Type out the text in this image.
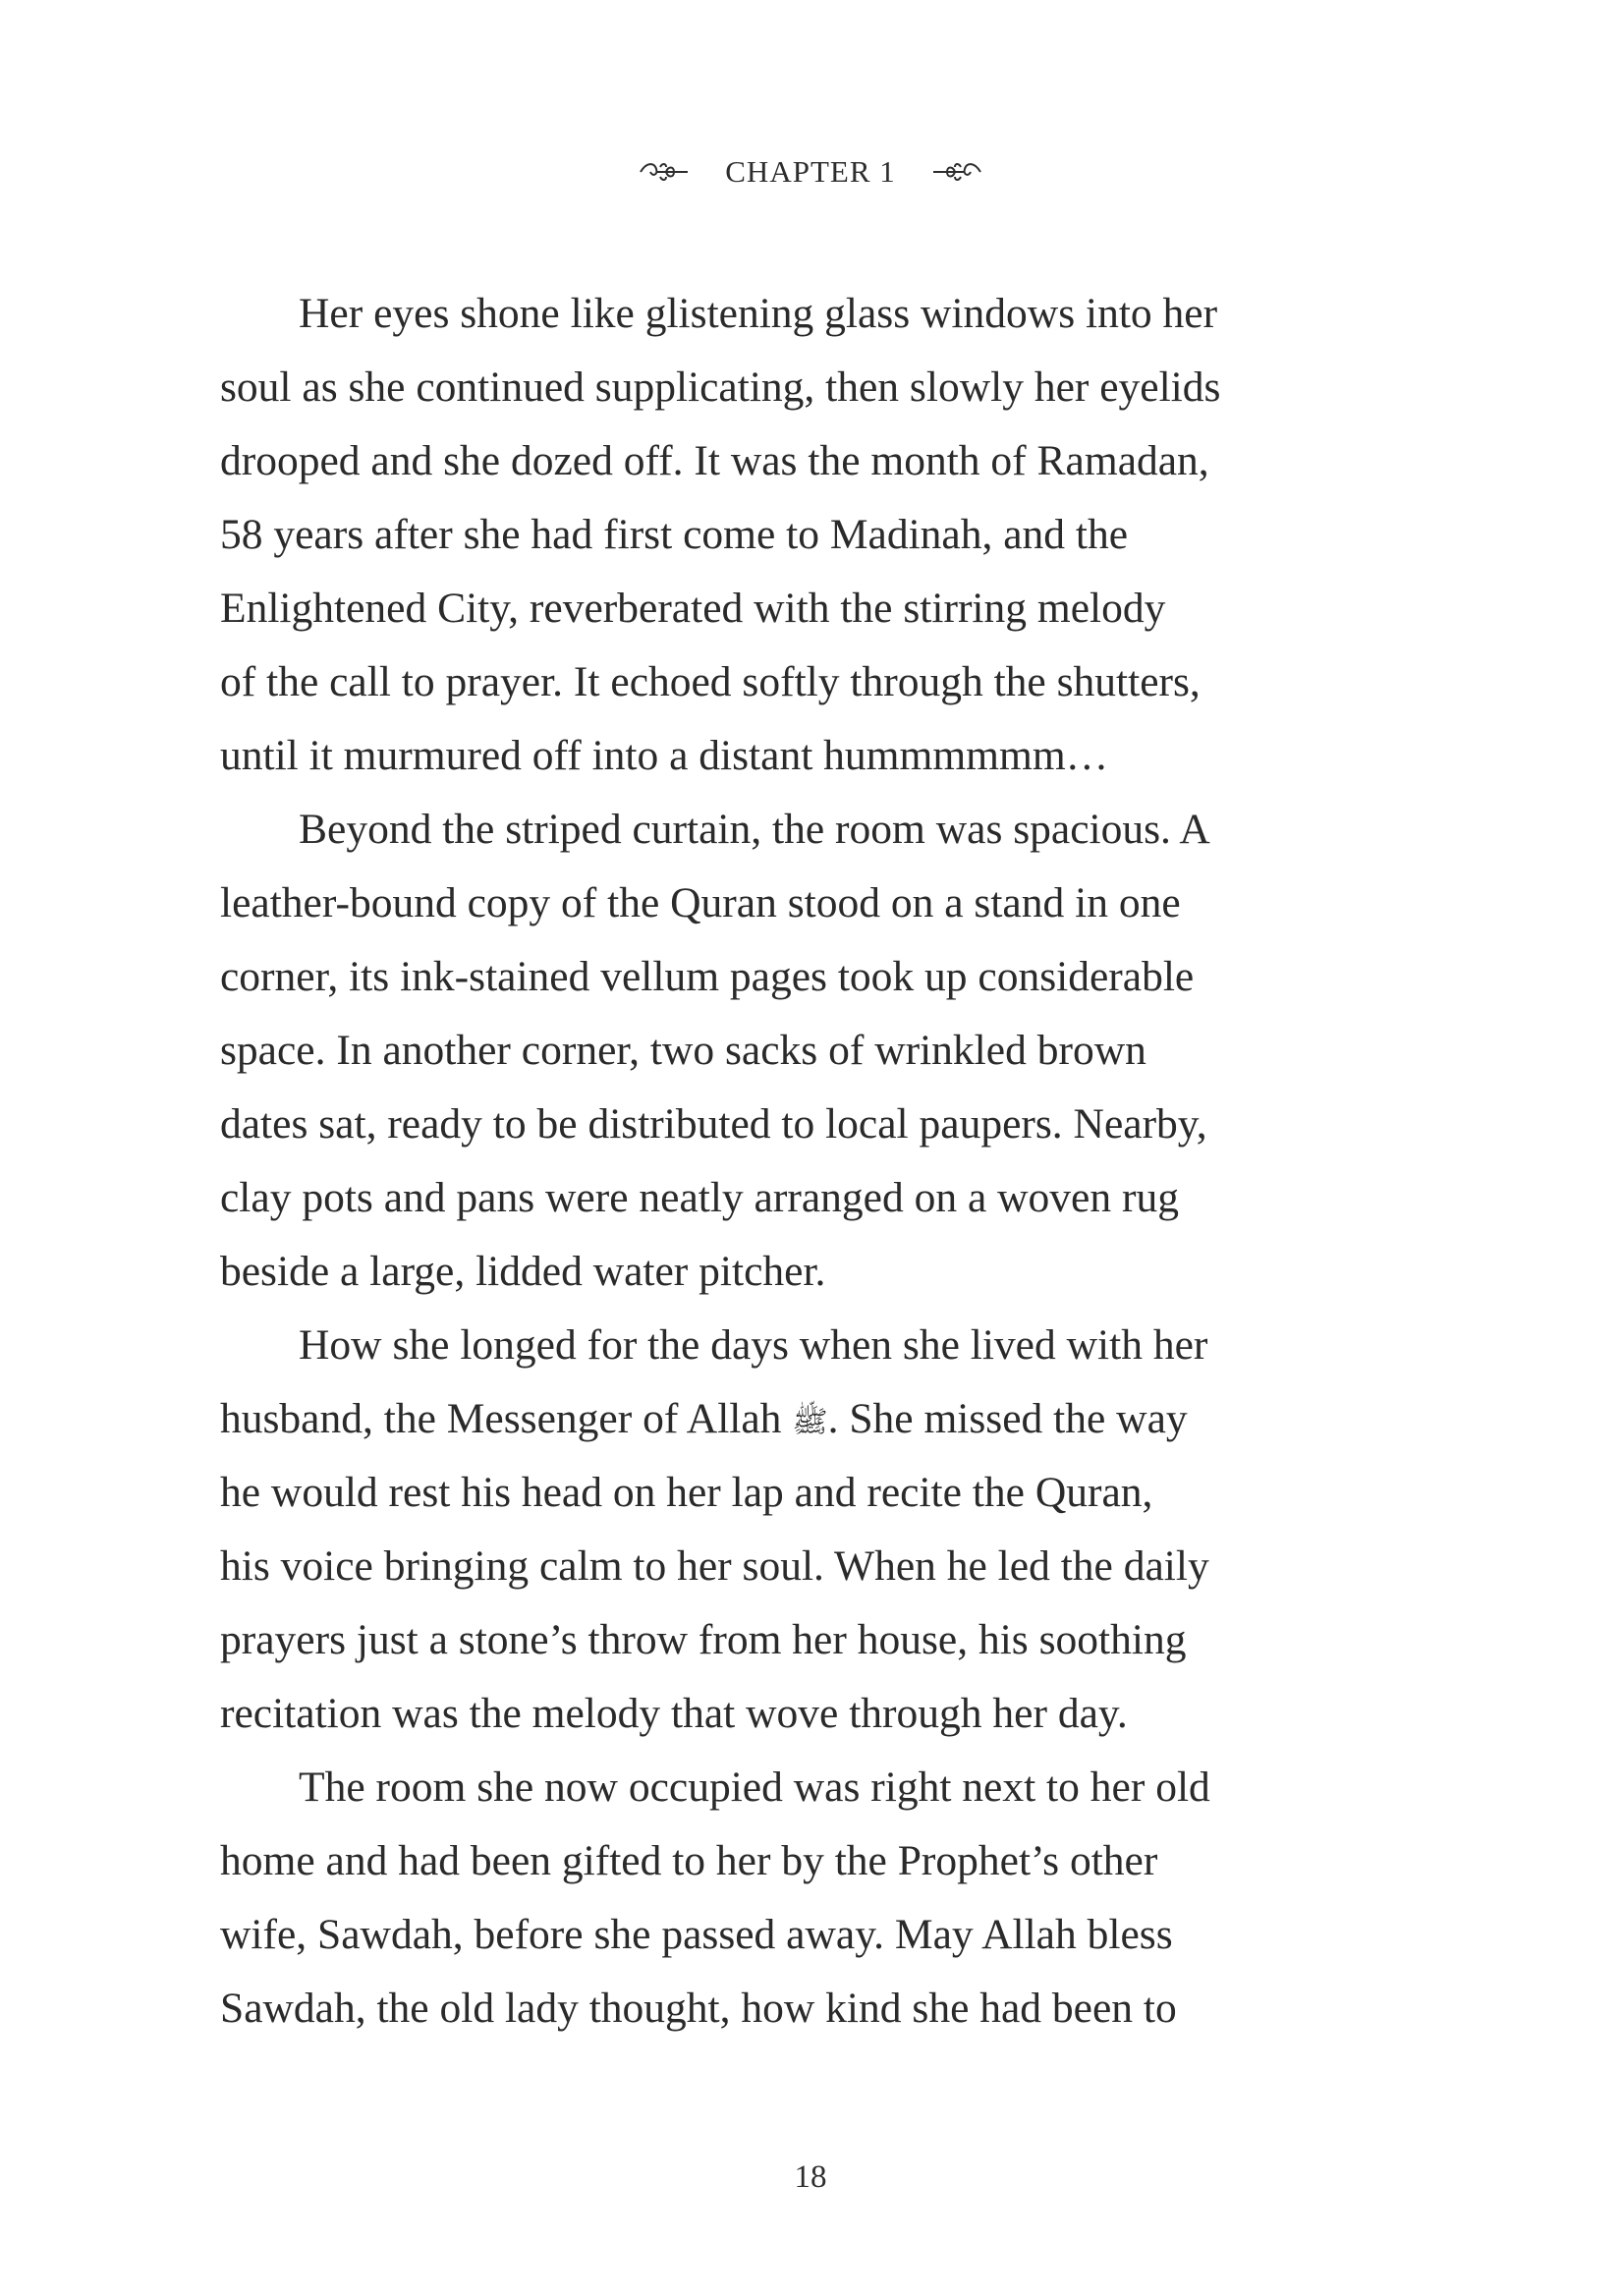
CHAPTER 1

Her eyes shone like glistening glass windows into her
soul as she continued supplicating, then slowly her eyelids
drooped and she dozed off. It was the month of Ramadan,
58 years after she had first come to Madinah, and the
Enlightened City, reverberated with the stirring melody
of the call to prayer. It echoed softly through the shutters,
until it murmured off into a distant hummmmmm…

Beyond the striped curtain, the room was spacious. A
leather-bound copy of the Quran stood on a stand in one
corner, its ink-stained vellum pages took up considerable
space. In another corner, two sacks of wrinkled brown
dates sat, ready to be distributed to local paupers. Nearby,
clay pots and pans were neatly arranged on a woven rug
beside a large, lidded water pitcher.

How she longed for the days when she lived with her
husband, the Messenger of Allah ﷺ. She missed the way
he would rest his head on her lap and recite the Quran,
his voice bringing calm to her soul. When he led the daily
prayers just a stone’s throw from her house, his soothing
recitation was the melody that wove through her day.

The room she now occupied was right next to her old
home and had been gifted to her by the Prophet’s other
wife, Sawdah, before she passed away. May Allah bless
Sawdah, the old lady thought, how kind she had been to

18
